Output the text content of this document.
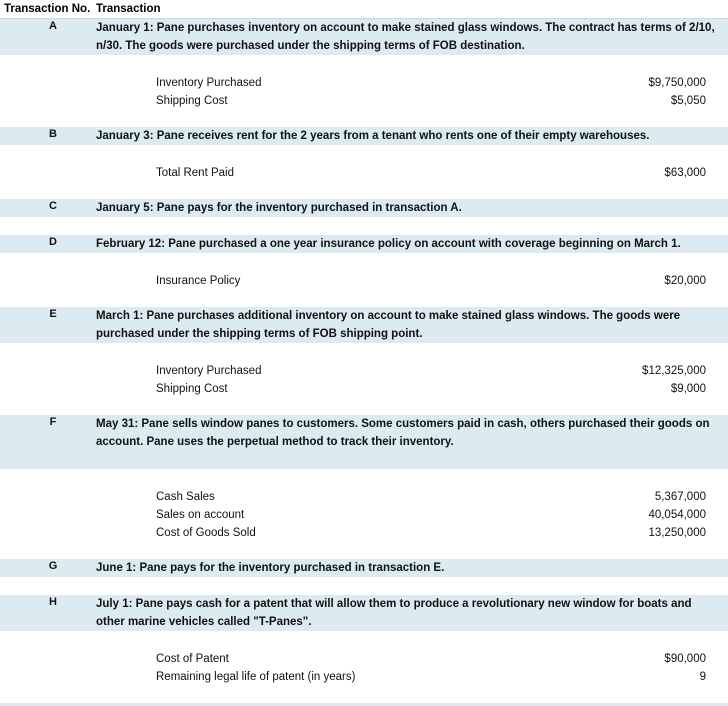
Transaction No. Transaction
A	January 1: Pane purchases inventory on account to make stained glass windows. The contract has terms of 2/10, n/30. The goods were purchased under the shipping terms of FOB destination.
Inventory Purchased	$9,750,000
Shipping Cost	$5,050
B	January 3: Pane receives rent for the 2 years from a tenant who rents one of their empty warehouses.
Total Rent Paid	$63,000
C	January 5: Pane pays for the inventory purchased in transaction A.
D	February 12: Pane purchased a one year insurance policy on account with coverage beginning on March 1.
Insurance Policy	$20,000
E	March 1: Pane purchases additional inventory on account to make stained glass windows. The goods were purchased under the shipping terms of FOB shipping point.
Inventory Purchased	$12,325,000
Shipping Cost	$9,000
F	May 31: Pane sells window panes to customers. Some customers paid in cash, others purchased their goods on account. Pane uses the perpetual method to track their inventory.
Cash Sales	5,367,000
Sales on account	40,054,000
Cost of Goods Sold	13,250,000
G	June 1: Pane pays for the inventory purchased in transaction E.
H	July 1: Pane pays cash for a patent that will allow them to produce a revolutionary new window for boats and other marine vehicles called "T-Panes".
Cost of Patent	$90,000
Remaining legal life of patent (in years)	9
